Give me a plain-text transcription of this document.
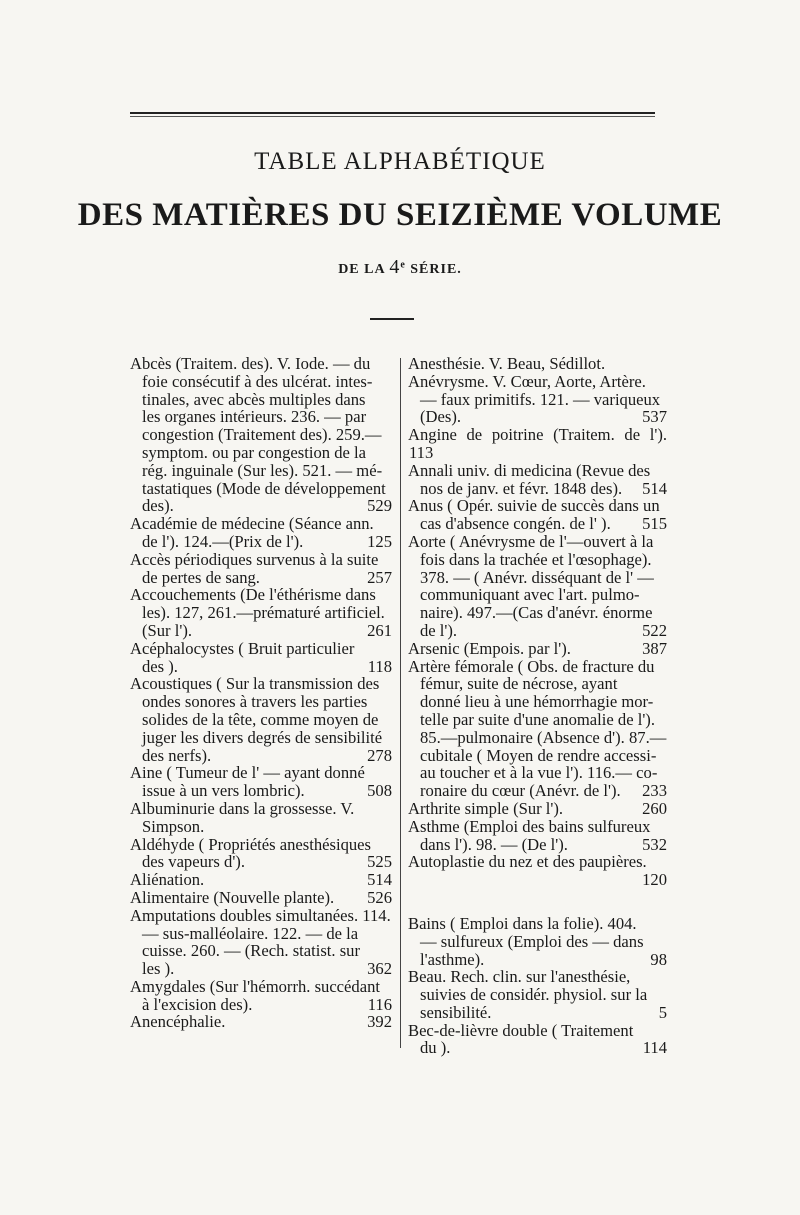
TABLE ALPHABÉTIQUE
DES MATIÈRES DU SEIZIÈME VOLUME
DE LA 4e SÉRIE.
Abcès (Traitem. des). V. Iode. — du
foie consécutif à des ulcérat. intes-
tinales, avec abcès multiples dans
les organes intérieurs. 236. — par
congestion (Traitement des). 259.—
symptom. ou par congestion de la
rég. inguinale (Sur les). 521. — mé-
tastatiques (Mode de développement
des).	529
Académie de médecine (Séance ann.
de l'). 124.—(Prix de l').	125
Accès périodiques survenus à la suite
de pertes de sang.	257
Accouchements (De l'éthérisme dans
les). 127, 261.—prématuré artificiel.
(Sur l').	261
Acéphalocystes ( Bruit particulier
des ).	118
Acoustiques ( Sur la transmission des
ondes sonores à travers les parties
solides de la tête, comme moyen de
juger les divers degrés de sensibilité
des nerfs).	278
Aine ( Tumeur de l' — ayant donné
issue à un vers lombric).	508
Albuminurie dans la grossesse. V.
Simpson.
Aldéhyde ( Propriétés anesthésiques
des vapeurs d').	525
Aliénation.	514
Alimentaire (Nouvelle plante). 526
Amputations doubles simultanées. 114.
— sus-malléolaire. 122. — de la
cuisse. 260. — (Rech. statist. sur
les ).	362
Amygdales (Sur l'hémorrh. succédant
à l'excision des).	116
Anencéphalie.	392
Anesthésie. V. Beau, Sédillot.
Anévrysme. V. Cœur, Aorte, Artère.
— faux primitifs. 121. — variqueux
(Des).	537
Angine de poitrine (Traitem. de l'). 113
Annali univ. di medicina (Revue des
nos de janv. et févr. 1848 des). 514
Anus ( Opér. suivie de succès dans un
cas d'absence congén. de l' ). 515
Aorte ( Anévrysme de l'—ouvert à la
fois dans la trachée et l'œsophage).
378. — ( Anévr. disséquant de l' —
communiquant avec l'art. pulmo-
naire). 497.—(Cas d'anévr. énorme
de l').	522
Arsenic (Empois. par l').	387
Artère fémorale ( Obs. de fracture du
fémur, suite de nécrose, ayant
donné lieu à une hémorrhagie mor-
telle par suite d'une anomalie de l').
85.—pulmonaire (Absence d'). 87.—
cubitale ( Moyen de rendre accessi-
au toucher et à la vue l'). 116.— co-
ronaire du cœur (Anévr. de l'). 233
Arthrite simple (Sur l').	260
Asthme (Emploi des bains sulfureux
dans l'). 98. — (De l').	532
Autoplastie du nez et des paupières.
120
Bains ( Emploi dans la folie). 404.
— sulfureux (Emploi des — dans
l'asthme).	98
Beau. Rech. clin. sur l'anesthésie,
suivies de considér. physiol. sur la
sensibilité.	5
Bec-de-lièvre double ( Traitement
du ).	114
